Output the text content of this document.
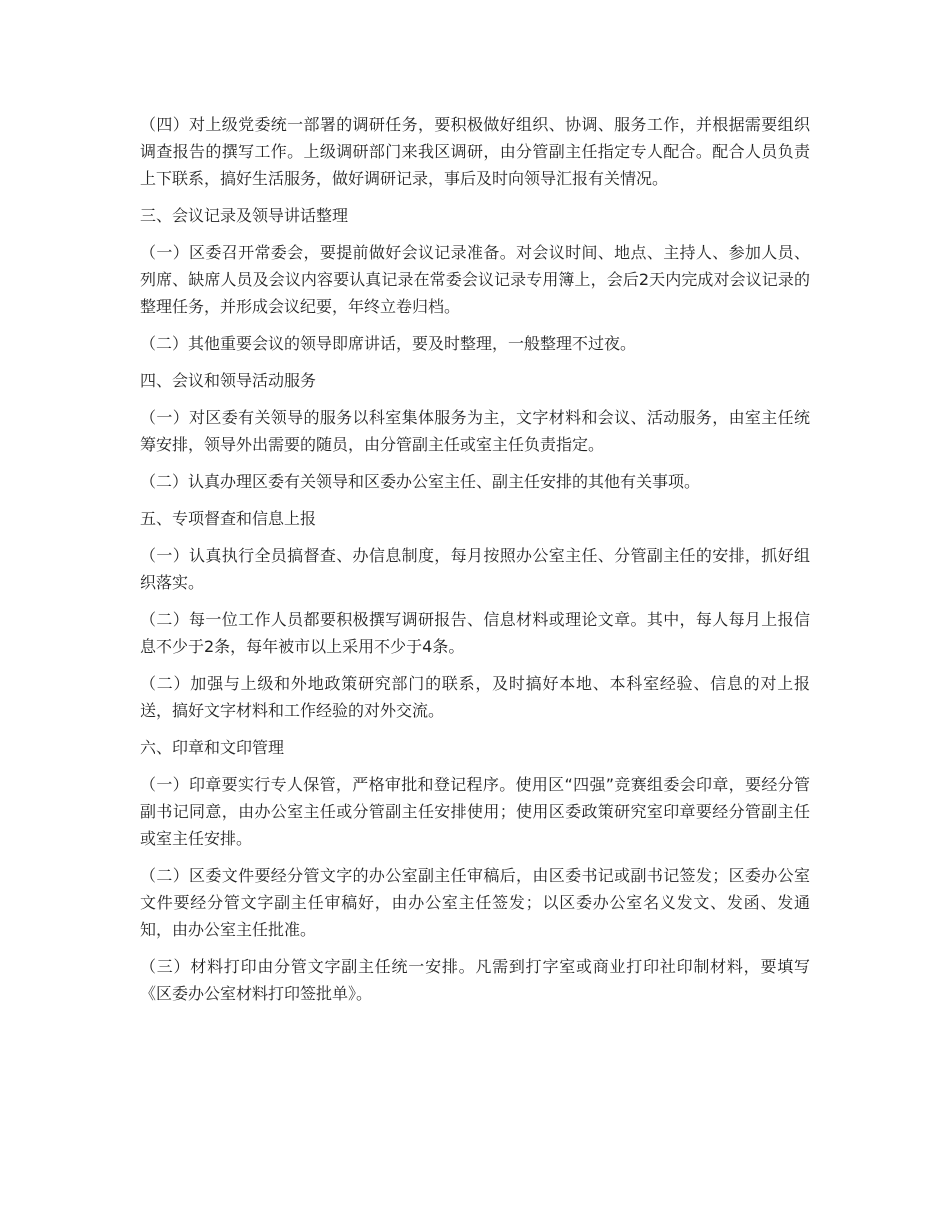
（四）对上级党委统一部署的调研任务，要积极做好组织、协调、服务工作，并根据需要组织调查报告的撰写工作。上级调研部门来我区调研，由分管副主任指定专人配合。配合人员负责上下联系，搞好生活服务，做好调研记录，事后及时向领导汇报有关情况。

三、会议记录及领导讲话整理

（一）区委召开常委会，要提前做好会议记录准备。对会议时间、地点、主持人、参加人员、列席、缺席人员及会议内容要认真记录在常委会议记录专用簿上，会后2天内完成对会议记录的整理任务，并形成会议纪要，年终立卷归档。

（二）其他重要会议的领导即席讲话，要及时整理，一般整理不过夜。

四、会议和领导活动服务

（一）对区委有关领导的服务以科室集体服务为主，文字材料和会议、活动服务，由室主任统筹安排，领导外出需要的随员，由分管副主任或室主任负责指定。

（二）认真办理区委有关领导和区委办公室主任、副主任安排的其他有关事项。

五、专项督查和信息上报

（一）认真执行全员搞督查、办信息制度，每月按照办公室主任、分管副主任的安排，抓好组织落实。

（二）每一位工作人员都要积极撰写调研报告、信息材料或理论文章。其中，每人每月上报信息不少于2条，每年被市以上采用不少于4条。

（二）加强与上级和外地政策研究部门的联系，及时搞好本地、本科室经验、信息的对上报送，搞好文字材料和工作经验的对外交流。

六、印章和文印管理

（一）印章要实行专人保管，严格审批和登记程序。使用区“四强”竞赛组委会印章，要经分管副书记同意，由办公室主任或分管副主任安排使用；使用区委政策研究室印章要经分管副主任或室主任安排。

（二）区委文件要经分管文字的办公室副主任审稿后，由区委书记或副书记签发；区委办公室文件要经分管文字副主任审稿好，由办公室主任签发；以区委办公室名义发文、发函、发通知，由办公室主任批准。

（三）材料打印由分管文字副主任统一安排。凡需到打字室或商业打印社印制材料，要填写《区委办公室材料打印签批单》。
